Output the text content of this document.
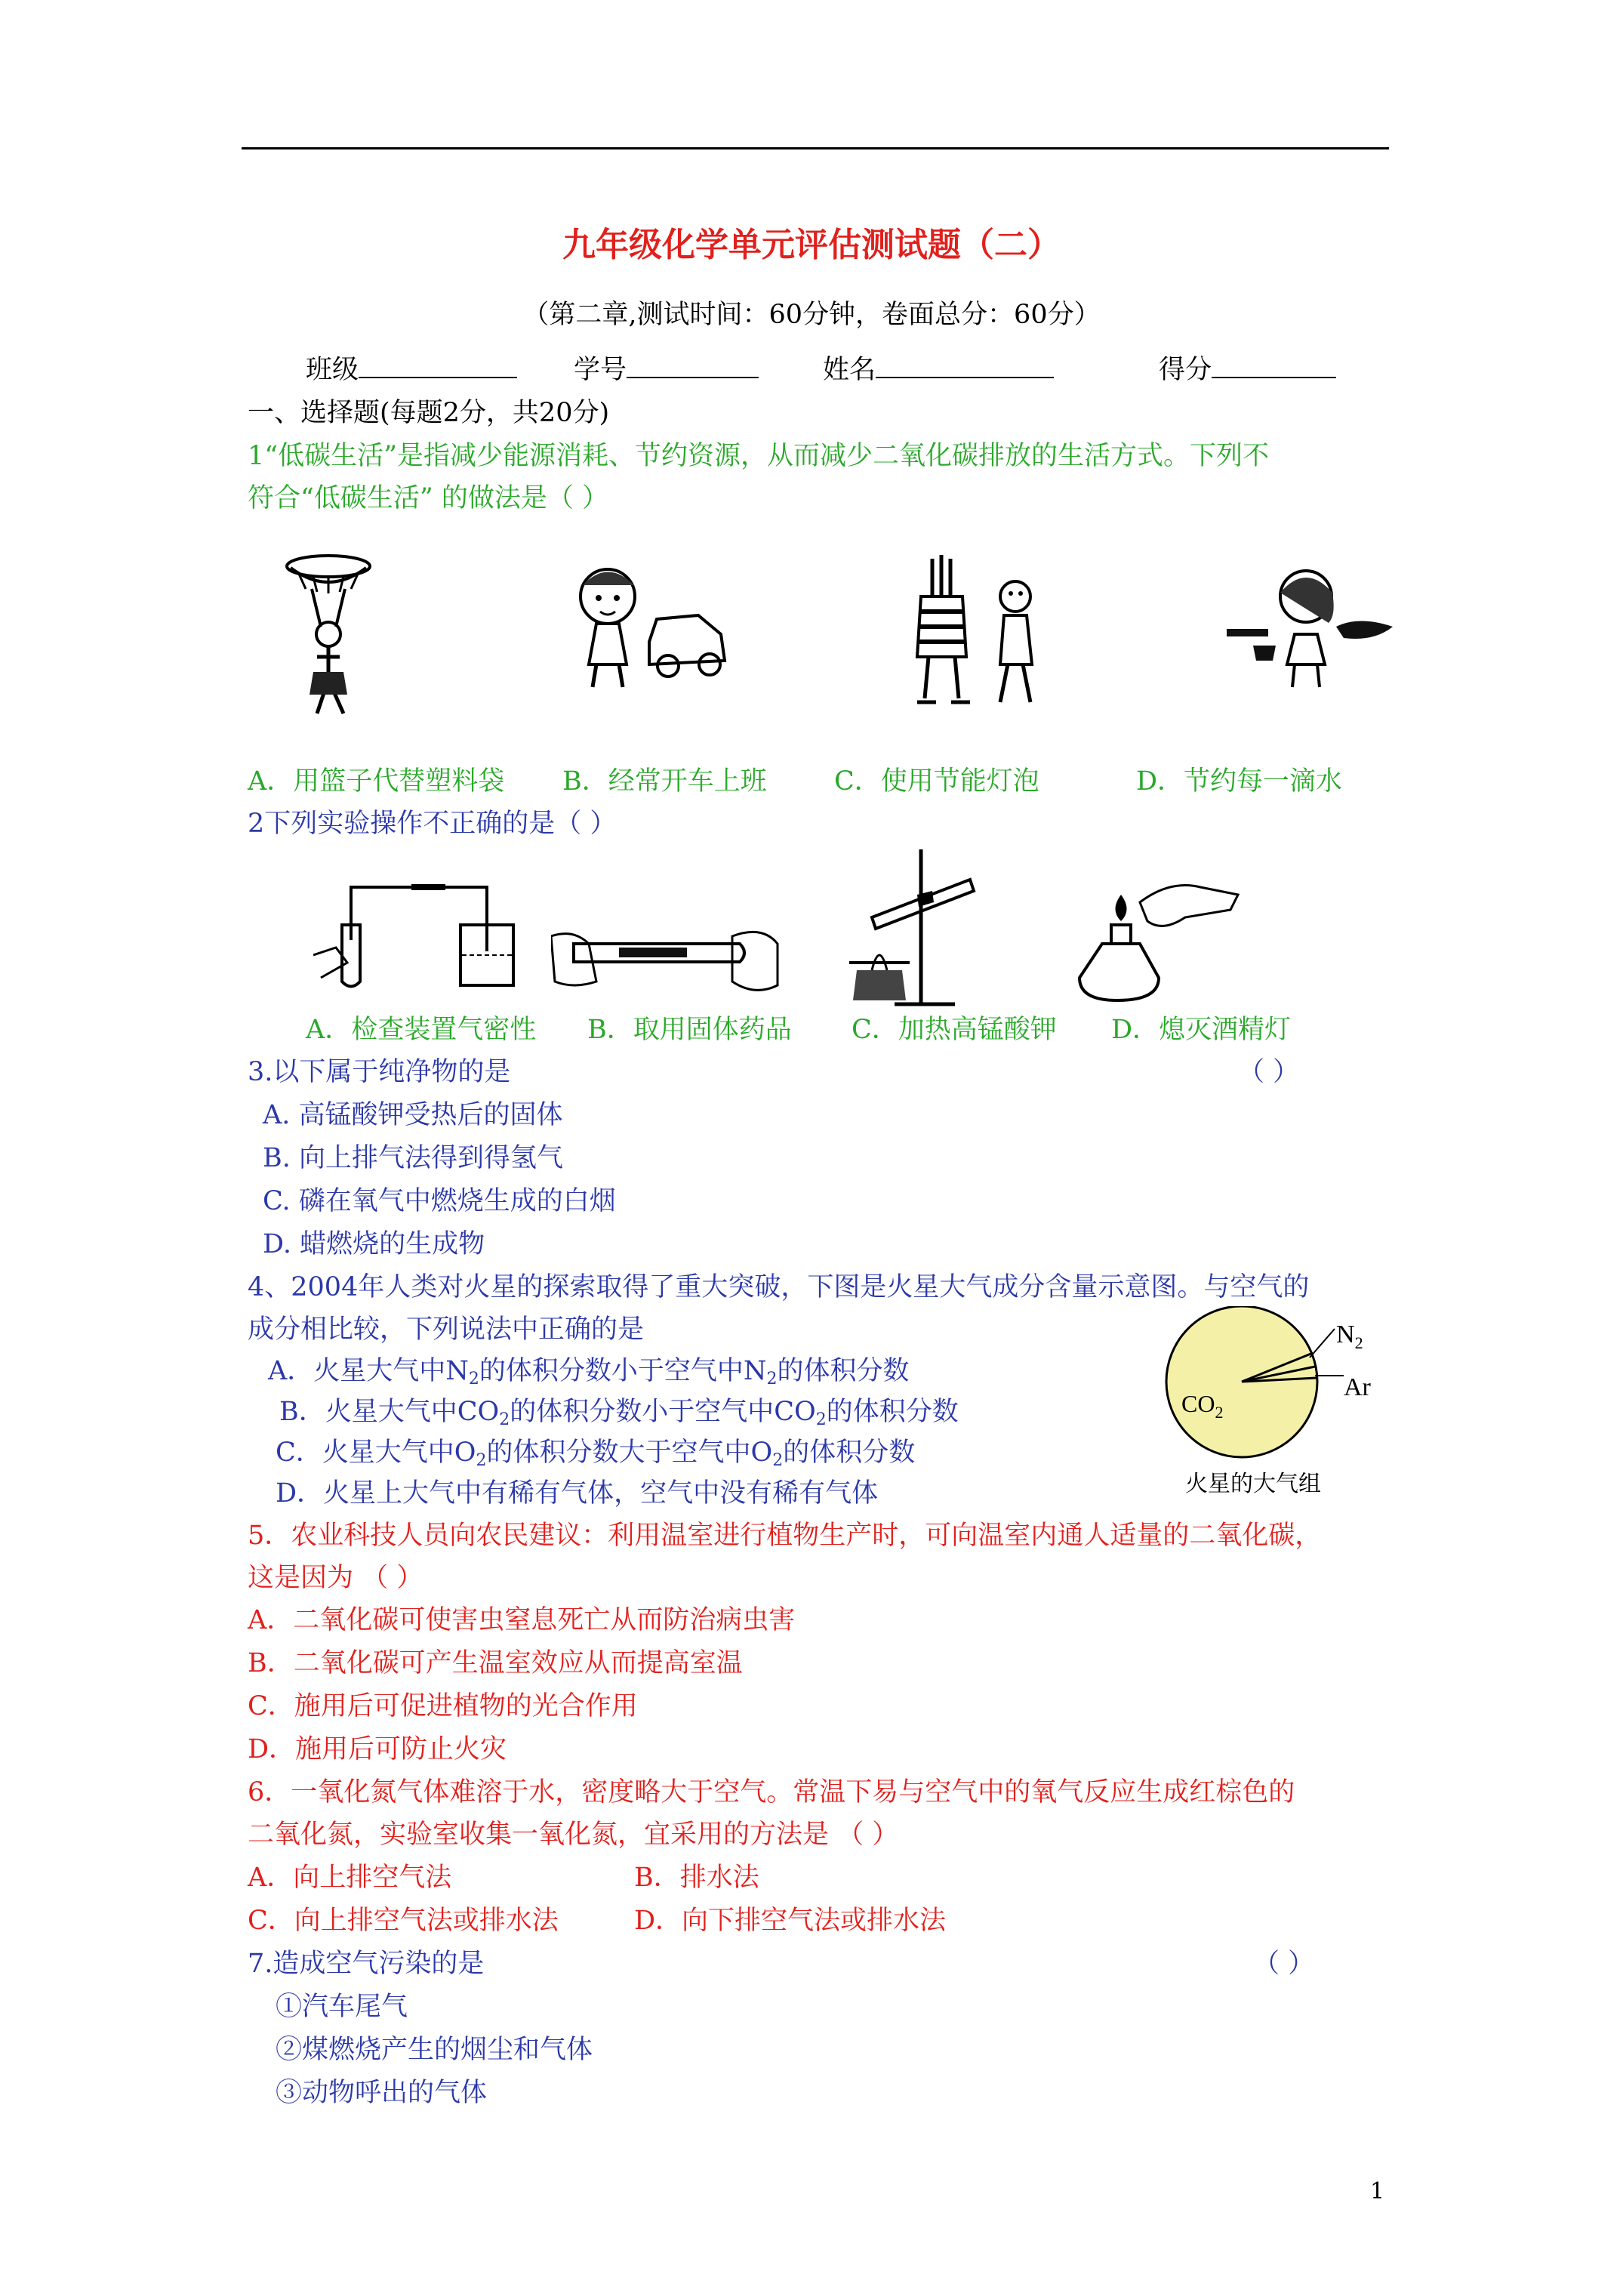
九年级化学单元评估测试题（二）
（第二章,测试时间：60分钟，卷面总分：60分）
班级	学号	姓名	得分
一、选择题(每题2分，共20分)
1“低碳生活”是指减少能源消耗、节约资源，从而减少二氧化碳排放的生活方式。下列不
符合“低碳生活” 的做法是（ ）
A．用篮子代替塑料袋 B．经常开车上班	C．使用节能灯泡	D．节约每一滴水
2下列实验操作不正确的是（ ）
A．检查装置气密性 B．取用固体药品 C．加热高锰酸钾 D．熄灭酒精灯
3.以下属于纯净物的是	（ ）
A. 高锰酸钾受热后的固体
B. 向上排气法得到得氢气
C. 磷在氧气中燃烧生成的白烟
D. 蜡燃烧的生成物
4、2004年人类对火星的探索取得了重大突破，下图是火星大气成分含量示意图。与空气的
成分相比较，下列说法中正确的是
A．火星大气中$N_2$的体积分数小于空气中$N_2$的体积分数
B．火星大气中$CO_2$的体积分数小于空气中$CO_2$的体积分数
C．火星大气中$O_2$的体积分数大于空气中$O_2$的体积分数
D．火星上大气中有稀有气体，空气中没有稀有气体
$N_2$
Ar
$CO_2$
火星的大气组
5．农业科技人员向农民建议：利用温室进行植物生产时，可向温室内通人适量的二氧化碳，
这是因为 （ ）
A．二氧化碳可使害虫窒息死亡从而防治病虫害
B．二氧化碳可产生温室效应从而提高室温
C．施用后可促进植物的光合作用
D．施用后可防止火灾
6．一氧化氮气体难溶于水，密度略大于空气。常温下易与空气中的氧气反应生成红棕色的
二氧化氮，实验室收集一氧化氮，宜采用的方法是 （ ）
A．向上排空气法	B．排水法
C．向上排空气法或排水法	D．向下排空气法或排水法
7.造成空气污染的是	（ ）
①汽车尾气
②煤燃烧产生的烟尘和气体
③动物呼出的气体
1
